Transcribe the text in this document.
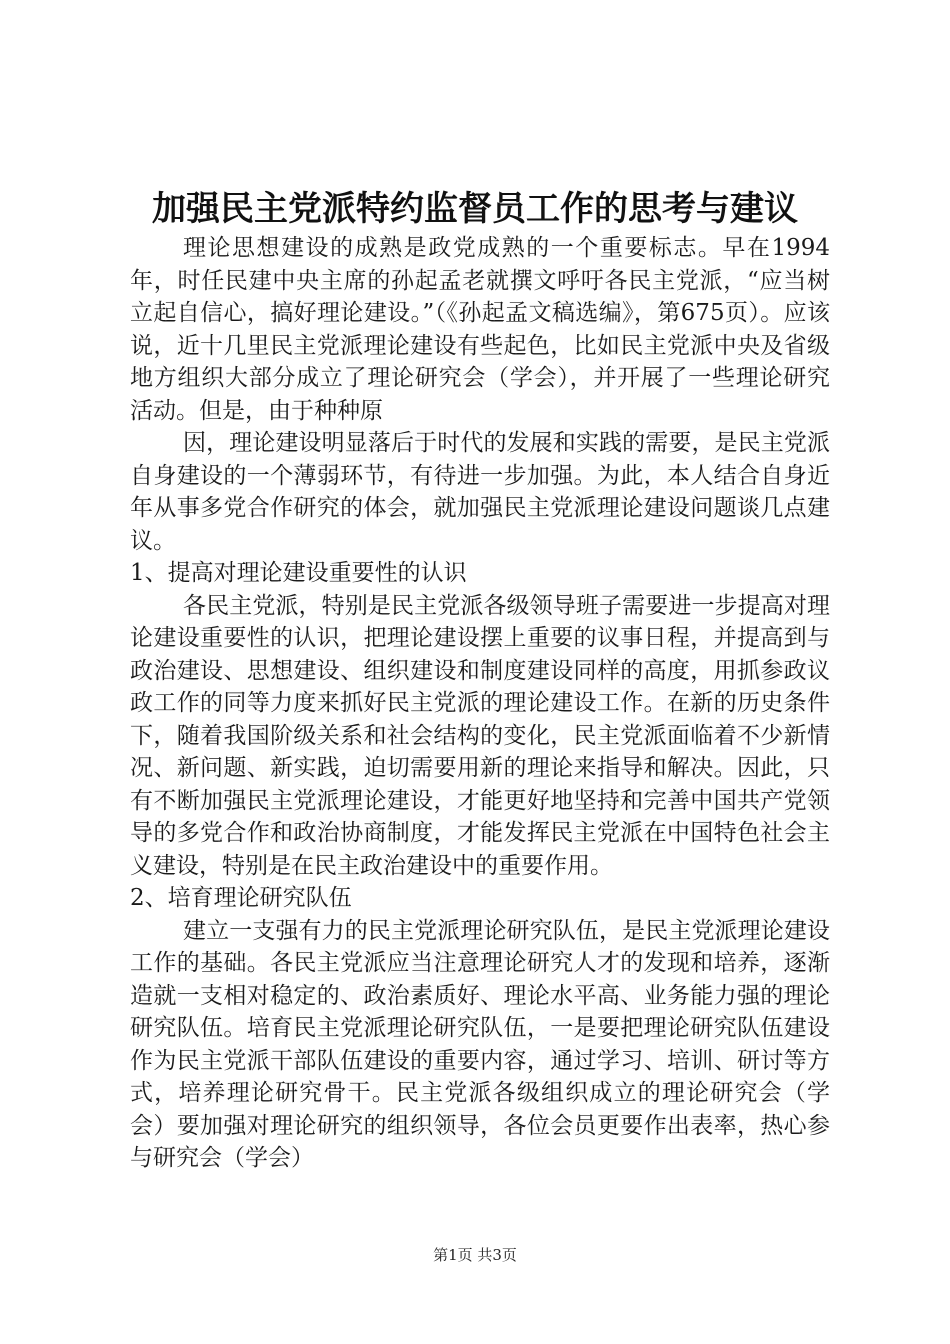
加强民主党派特约监督员工作的思考与建议

理论思想建设的成熟是政党成熟的一个重要标志。早在1994年，时任民建中央主席的孙起孟老就撰文呼吁各民主党派，“应当树立起自信心，搞好理论建设。”（《孙起孟文稿选编》，第675页）。应该说，近十几里民主党派理论建设有些起色，比如民主党派中央及省级地方组织大部分成立了理论研究会（学会），并开展了一些理论研究活动。但是，由于种种原

因，理论建设明显落后于时代的发展和实践的需要，是民主党派自身建设的一个薄弱环节，有待进一步加强。为此，本人结合自身近年从事多党合作研究的体会，就加强民主党派理论建设问题谈几点建议。

1、提高对理论建设重要性的认识

各民主党派，特别是民主党派各级领导班子需要进一步提高对理论建设重要性的认识，把理论建设摆上重要的议事日程，并提高到与政治建设、思想建设、组织建设和制度建设同样的高度，用抓参政议政工作的同等力度来抓好民主党派的理论建设工作。在新的历史条件下，随着我国阶级关系和社会结构的变化，民主党派面临着不少新情况、新问题、新实践，迫切需要用新的理论来指导和解决。因此，只有不断加强民主党派理论建设，才能更好地坚持和完善中国共产党领导的多党合作和政治协商制度，才能发挥民主党派在中国特色社会主义建设，特别是在民主政治建设中的重要作用。

2、培育理论研究队伍

建立一支强有力的民主党派理论研究队伍，是民主党派理论建设工作的基础。各民主党派应当注意理论研究人才的发现和培养，逐渐造就一支相对稳定的、政治素质好、理论水平高、业务能力强的理论研究队伍。培育民主党派理论研究队伍，一是要把理论研究队伍建设作为民主党派干部队伍建设的重要内容，通过学习、培训、研讨等方式，培养理论研究骨干。民主党派各级组织成立的理论研究会（学会）要加强对理论研究的组织领导，各位会员更要作出表率，热心参与研究会（学会）

第1页 共3页
